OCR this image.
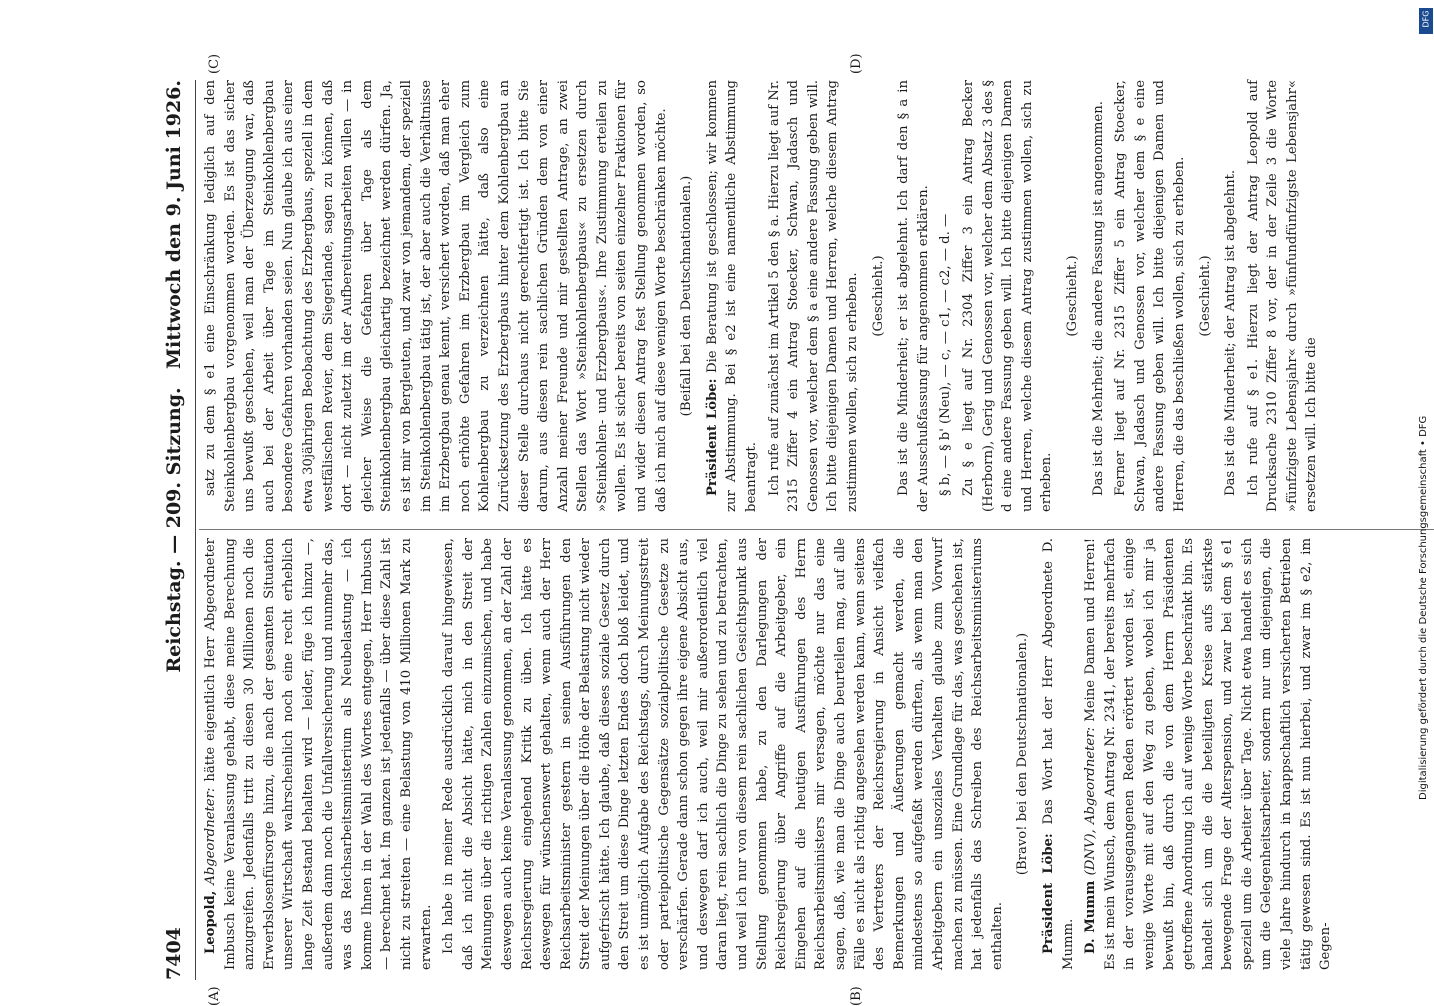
7404
Reichstag. — 209. Sitzung.
Mittwoch den 9. Juni 1926.
(A)	(B)
(C)	(D)

Leopold, Abgeordneter: hätte eigentlich Herr Abgeordneter Imbusch keine Veranlassung gehabt, diese meine Berechnung anzugreifen. Jedenfalls tritt zu diesen 30 Millionen noch die Erwerbslosenfürsorge hinzu, die nach der gesamten Situation unserer Wirtschaft wahrscheinlich noch eine recht erheblich lange Zeit Bestand behalten wird — leider, füge ich hinzu —, außerdem dann noch die Unfallversicherung und nunmehr das, was das Reichsarbeitsministerium als Neubelastung — ich komme Ihnen in der Wahl des Wortes entgegen, Herr Imbusch — berechnet hat. Im ganzen ist jedenfalls — über diese Zahl ist nicht zu streiten — eine Belastung von 410 Millionen Mark zu erwarten. Ich habe in meiner Rede ausdrücklich darauf hingewiesen, daß ich nicht die Absicht hätte, mich in den Streit der Meinungen über die richtigen Zahlen einzumischen, und habe deswegen auch keine Veranlassung genommen, an der Zahl der Reichsregierung eingehend Kritik zu üben. Ich hätte es deswegen für wünschenswert gehalten, wenn auch der Herr Reichsarbeitsminister gestern in seinen Ausführungen den Streit der Meinungen über die Höhe der Belastung nicht wieder aufgefrischt hätte. Ich glaube, daß dieses soziale Gesetz durch den Streit um diese Dinge letzten Endes doch bloß leidet, und es ist unmöglich Aufgabe des Reichstags, durch Meinungsstreit oder parteipolitische Gegensätze sozialpolitische Gesetze zu verschärfen. Gerade dann schon gegen ihre eigene Absicht aus, und deswegen darf ich auch, weil mir außerordentlich viel daran liegt, rein sachlich die Dinge zu sehen und zu betrachten, und weil ich nur von diesem rein sachlichen Gesichtspunkt aus Stellung genommen habe, zu den Darlegungen der Reichsregierung über Angriffe auf die Arbeitgeber, ein Eingehen auf die heutigen Ausführungen des Herrn Reichsarbeitsministers mir versagen, möchte nur das eine sagen, daß, wie man die Dinge auch beurteilen mag, auf alle Fälle es nicht als richtig angesehen werden kann, wenn seitens des Vertreters der Reichsregierung in Ansicht vielfach Bemerkungen und Äußerungen gemacht werden, die mindestens so aufgefaßt werden dürften, als wenn man den Arbeitgebern ein unsoziales Verhalten glaube zum Vorwurf machen zu müssen. Eine Grundlage für das, was geschehen ist, hat jedenfalls das Schreiben des Reichsarbeitsministeriums enthalten.

(Bravo! bei den Deutschnationalen.)

Präsident Löbe: Das Wort hat der Herr Abgeordnete D. Mumm. D. Mumm (DNV), Abgeordneter: Meine Damen und Herren! Es ist mein Wunsch, dem Antrag Nr. 2341, der bereits mehrfach in der vorausgegangenen Reden erörtert worden ist, einige wenige Worte mit auf den Weg zu geben, wobei ich mir ja bewußt bin, daß durch die von dem Herrn Präsidenten getroffene Anordnung ich auf wenige Worte beschränkt bin. Es handelt sich um die die beteiligten Kreise aufs stärkste bewegende Frage der Alterspension, und zwar bei dem § e1 speziell um die Arbeiter über Tage. Nicht etwa handelt es sich um die Gelegenheitsarbeiter, sondern nur um diejenigen, die viele Jahre hindurch in knappschaftlich versicherten Betrieben tätig gewesen sind. Es ist nun hierbei, und zwar im § e2, im Gegen-

satz zu dem § e1 eine Einschränkung lediglich auf den Steinkohlenbergbau vorgenommen worden. Es ist das sicher uns bewußt geschehen, weil man der Überzeugung war, daß auch bei der Arbeit über Tage im Steinkohlenbergbau besondere Gefahren vorhanden seien. Nun glaube ich aus einer etwa 30jährigen Beobachtung des Erzbergbaus, speziell in dem westfälischen Revier, dem Siegerlande, sagen zu können, daß dort — nicht zuletzt im der Aufbereitungsarbeiten willen — in gleicher Weise die Gefahren über Tage als dem Steinkohlenbergbau gleichartig bezeichnet werden dürfen. Ja, es ist mir von Bergleuten, und zwar von jemandem, der speziell im Steinkohlenbergbau tätig ist, der aber auch die Verhältnisse im Erzbergbau genau kennt, versichert worden, daß man eher noch erhöhte Gefahren im Erzbergbau im Vergleich zum Kohlenbergbau zu verzeichnen hätte, daß also eine Zurücksetzung des Erzbergbaus hinter dem Kohlenbergbau an dieser Stelle durchaus nicht gerechtfertigt ist. Ich bitte Sie darum, aus diesen rein sachlichen Gründen dem von einer Anzahl meiner Freunde und mir gestellten Antrage, an zwei Stellen das Wort »Steinkohlenbergbaus« zu ersetzen durch »Steinkohlen- und Erzbergbaus«. Ihre Zustimmung erteilen zu wollen. Es ist sicher bereits von seiten einzelner Fraktionen für und wider diesen Antrag fest Stellung genommen worden, so daß ich mich auf diese wenigen Worte beschränken möchte. (Beifall bei den Deutschnationalen.)

Präsident Löbe: Die Beratung ist geschlossen; wir kommen zur Abstimmung. Bei § e2 ist eine namentliche Abstimmung beantragt. Ich rufe auf zunächst im Artikel 5 den § a. Hierzu liegt auf Nr. 2315 Ziffer 4 ein Antrag Stoecker, Schwan, Jadasch und Genossen vor, welcher dem § a eine andere Fassung geben will. Ich bitte diejenigen Damen und Herren, welche diesem Antrag zustimmen wollen, sich zu erheben. (Geschieht.) Das ist die Minderheit; er ist abgelehnt. Ich darf den § a in der Ausschußfassung für angenommen erklären. § b, — § b' (Neu), — c, — c1, — c2, — d. — Zu § e liegt auf Nr. 2304 Ziffer 3 ein Antrag Becker (Herborn), Gerig und Genossen vor, welcher dem Absatz 3 des § d eine andere Fassung geben will. Ich bitte diejenigen Damen und Herren, welche diesem Antrag zustimmen wollen, sich zu erheben.

(Geschieht.) Das ist die Mehrheit; die andere Fassung ist angenommen. Ferner liegt auf Nr. 2315 Ziffer 5 ein Antrag Stoecker, Schwan, Jadasch und Genossen vor, welcher dem § e eine andere Fassung geben will. Ich bitte diejenigen Damen und Herren, die das beschließen wollen, sich zu erheben. (Geschieht.) Das ist die Minderheit; der Antrag ist abgelehnt. Ich rufe auf § e1. Hierzu liegt der Antrag Leopold auf Drucksache 2310 Ziffer 8 vor, der in der Zeile 3 die Worte »fünfzigste Lebensjahr« durch »fünfundfünfzigste Lebensjahr« ersetzen will. Ich bitte die

DFG
Digitalisierung gefördert durch die Deutsche Forschungsgemeinschaft • DFG
